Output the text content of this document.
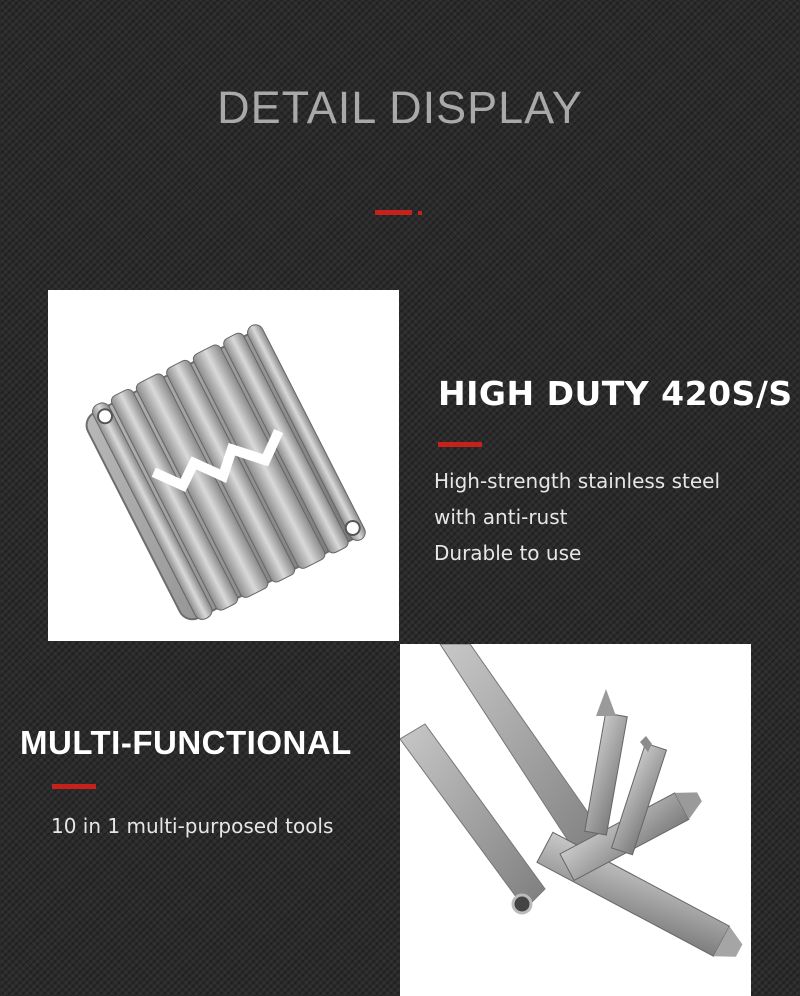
DETAIL DISPLAY
HIGH DUTY 420S/S

High-strength stainless steel
with anti-rust
Durable to use

MULTI-FUNCTIONAL

10 in 1 multi-purposed tools
